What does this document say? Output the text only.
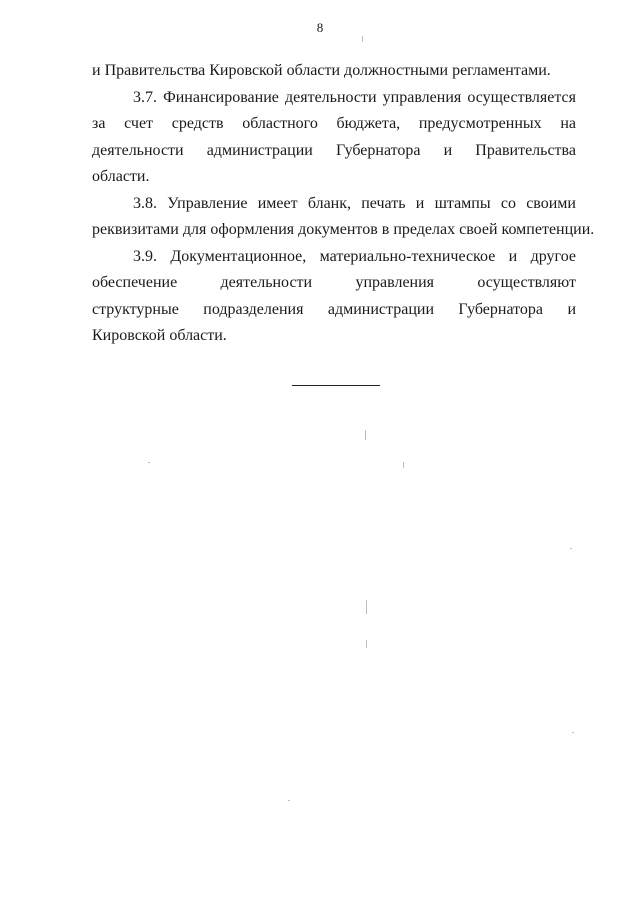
8
и Правительства Кировской области должностными регламентами.
3.7. Финансирование деятельности управления осуществляется
за счет средств областного бюджета, предусмотренных на
деятельности администрации Губернатора и Правительства
области.
3.8. Управление имеет бланк, печать и штампы со своими
реквизитами для оформления документов в пределах своей компетенции.
3.9. Документационное, материально-техническое и другое
обеспечение деятельности управления осуществляют
структурные подразделения администрации Губернатора и
Кировской области.
